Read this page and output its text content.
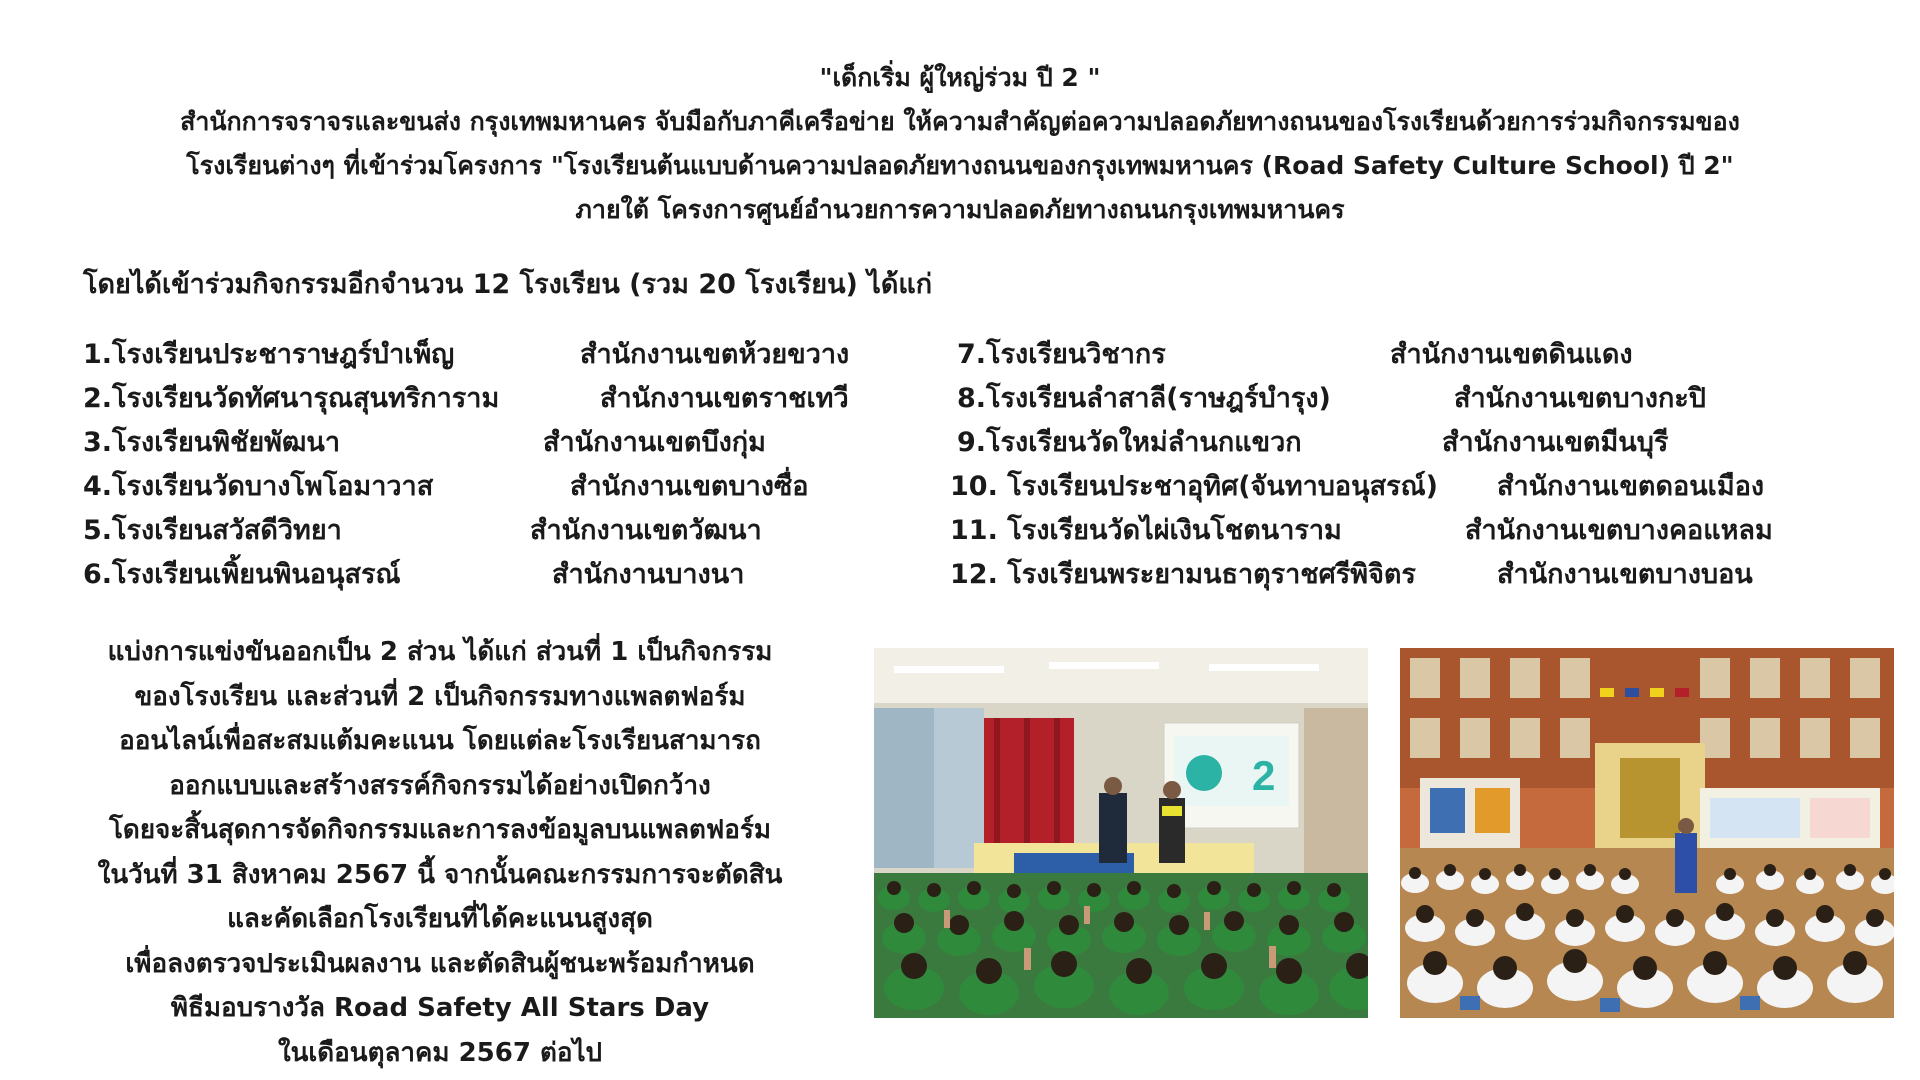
"เด็กเริ่ม ผู้ใหญ่ร่วม ปี 2 "
สำนักการจราจรและขนส่ง กรุงเทพมหานคร จับมือกับภาคีเครือข่าย ให้ความสำคัญต่อความปลอดภัยทางถนนของโรงเรียนด้วยการร่วมกิจกรรมของ
โรงเรียนต่างๆ ที่เข้าร่วมโครงการ "โรงเรียนต้นแบบด้านความปลอดภัยทางถนนของกรุงเทพมหานคร (Road Safety Culture School) ปี 2"
ภายใต้ โครงการศูนย์อำนวยการความปลอดภัยทางถนนกรุงเทพมหานคร
โดยได้เข้าร่วมกิจกรรมอีกจำนวน 12 โรงเรียน (รวม 20 โรงเรียน) ได้แก่
1.โรงเรียนประชาราษฎร์บำเพ็ญ	สำนักงานเขตห้วยขวาง
2.โรงเรียนวัดทัศนารุณสุนทริการาม	สำนักงานเขตราชเทวี
3.โรงเรียนพิชัยพัฒนา	สำนักงานเขตบึงกุ่ม
4.โรงเรียนวัดบางโพโอมาวาส	สำนักงานเขตบางซื่อ
5.โรงเรียนสวัสดีวิทยา	สำนักงานเขตวัฒนา
6.โรงเรียนเพิ้ยนพินอนุสรณ์	สำนักงานบางนา
7.โรงเรียนวิชากร	สำนักงานเขตดินแดง
8.โรงเรียนลำสาลี(ราษฎร์บำรุง)	สำนักงานเขตบางกะปิ
9.โรงเรียนวัดใหม่ลำนกแขวก	สำนักงานเขตมีนบุรี
10. โรงเรียนประชาอุทิศ(จันทาบอนุสรณ์) สำนักงานเขตดอนเมือง
11. โรงเรียนวัดไผ่เงินโชตนาราม	สำนักงานเขตบางคอแหลม
12. โรงเรียนพระยามนธาตุราชศรีพิจิตร	สำนักงานเขตบางบอน
แบ่งการแข่งขันออกเป็น 2 ส่วน ได้แก่ ส่วนที่ 1 เป็นกิจกรรม
ของโรงเรียน และส่วนที่ 2 เป็นกิจกรรมทางแพลตฟอร์ม
ออนไลน์เพื่อสะสมแต้มคะแนน โดยแต่ละโรงเรียนสามารถ
ออกแบบและสร้างสรรค์กิจกรรมได้อย่างเปิดกว้าง
โดยจะสิ้นสุดการจัดกิจกรรมและการลงข้อมูลบนแพลตฟอร์ม
ในวันที่ 31 สิงหาคม 2567 นี้ จากนั้นคณะกรรมการจะตัดสิน
และคัดเลือกโรงเรียนที่ได้คะแนนสูงสุด
เพื่อลงตรวจประเมินผลงาน และตัดสินผู้ชนะพร้อมกำหนด
พิธีมอบรางวัล Road Safety All Stars Day
ในเดือนตุลาคม 2567 ต่อไป
2
